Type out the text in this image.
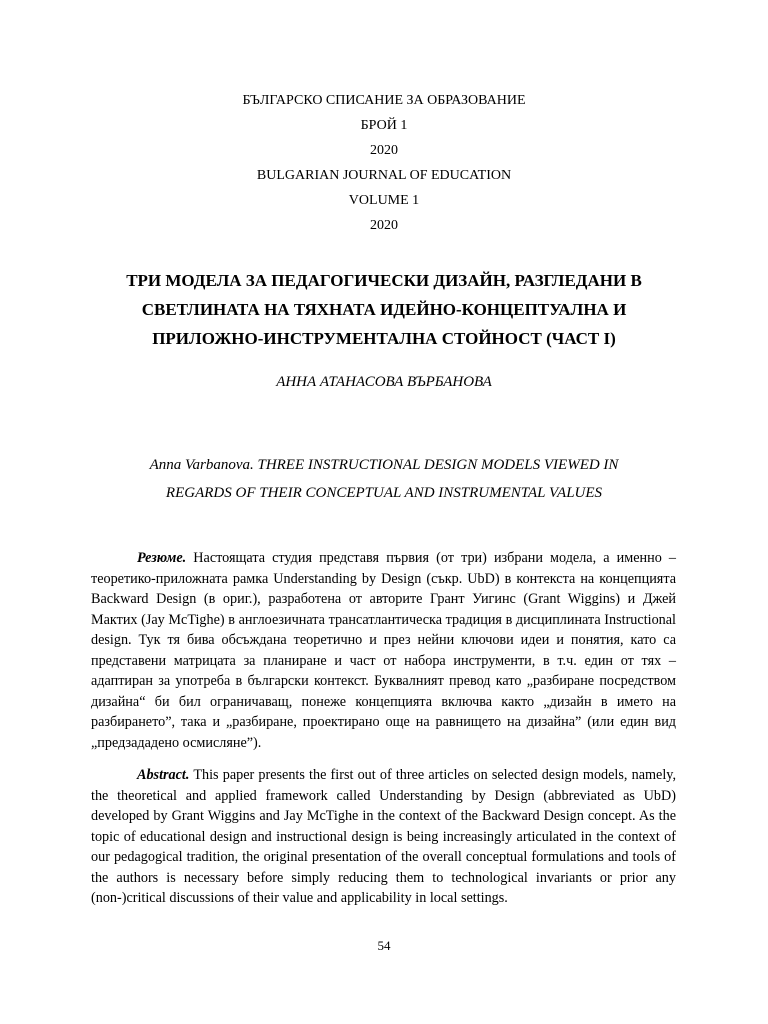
БЪЛГАРСКО СПИСАНИЕ ЗА ОБРАЗОВАНИЕ
БРОЙ 1
2020
BULGARIAN JOURNAL OF EDUCATION
VOLUME 1
2020
ТРИ МОДЕЛА ЗА ПЕДАГОГИЧЕСКИ ДИЗАЙН, РАЗГЛЕДАНИ В
СВЕТЛИНАТА НА ТЯХНАТА ИДЕЙНО-КОНЦЕПТУАЛНА И
ПРИЛОЖНО-ИНСТРУМЕНТАЛНА СТОЙНОСТ (ЧАСТ I)
АННА АТАНАСОВА ВЪРБАНОВА
Anna Varbanova. THREE INSTRUCTIONAL DESIGN MODELS VIEWED IN
REGARDS OF THEIR CONCEPTUAL AND INSTRUMENTAL VALUES

Резюме. Настоящата студия представя първия (от три) избрани модела, а именно – теоретико-приложната рамка Understanding by Design (съкр. UbD) в контекста на концепцията Backward Design (в ориг.), разработена от авторите Грант Уигинс (Grant Wiggins) и Джей Мактих (Jay McTighe) в англоезичната трансатлантическа традиция в дисциплината Instructional design. Тук тя бива обсъждана теоретично и през нейни ключови идеи и понятия, като са представени матрицата за планиране и част от набора инструменти, в т.ч. един от тях – адаптиран за употреба в български контекст. Буквалният превод като „разбиране посредством дизайна“ би бил ограничаващ, понеже концепцията включва както „дизайн в името на разбирането”, така и „разбиране, проектирано още на равнището на дизайна” (или един вид „предзададено осмисляне”).

Abstract. This paper presents the first out of three articles on selected design models, namely, the theoretical and applied framework called Understanding by Design (abbreviated as UbD) developed by Grant Wiggins and Jay McTighe in the context of the Backward Design concept. As the topic of educational design and instructional design is being increasingly articulated in the context of our pedagogical tradition, the original presentation of the overall conceptual formulations and tools of the authors is necessary before simply reducing them to technological invariants or prior any (non-)critical discussions of their value and applicability in local settings.

54
